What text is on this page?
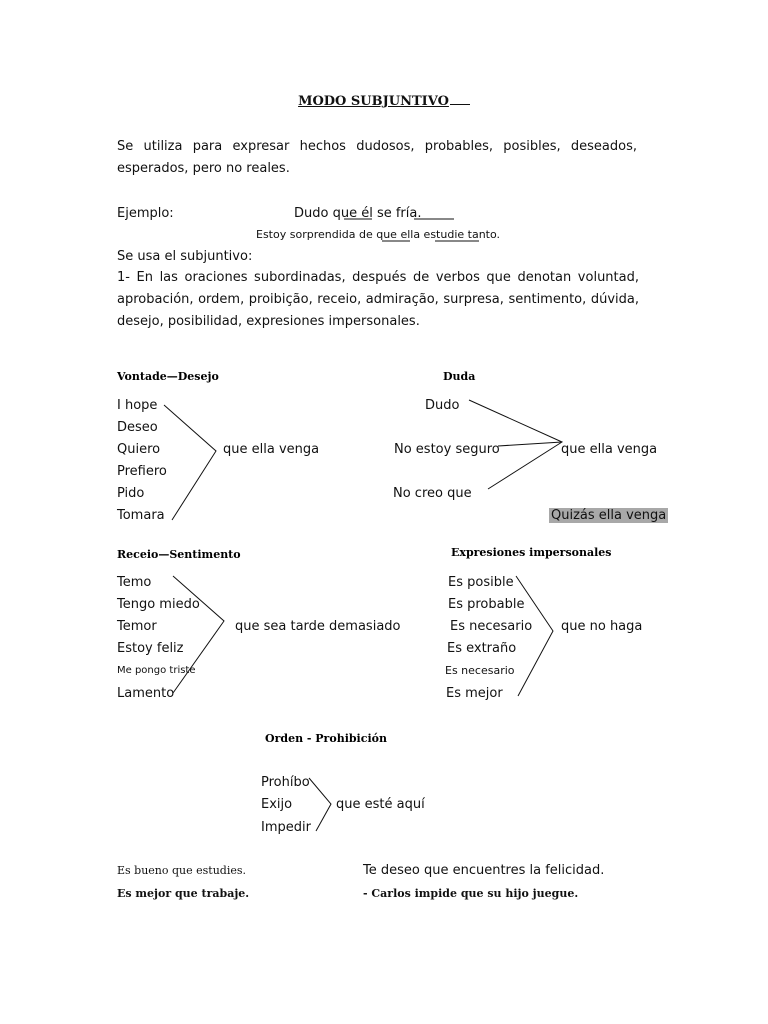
MODO SUBJUNTIVO
Se utiliza para expresar hechos dudosos, probables, posibles, deseados, esperados, pero no reales.
Ejemplo:	Dudo que él se fría.
Estoy sorprendida de que ella estudie tanto.
Se usa el subjuntivo:
1- En las oraciones subordinadas, después de verbos que denotan voluntad, aprobación, ordem, proibição, receio, admiração, surpresa, sentimento, dúvida, desejo, posibilidad, expresiones impersonales.
Vontade—Desejo
I hope
Deseo
Quiero
Prefiero
Pido
Tomara
que ella venga
Duda
Dudo
No estoy seguro
No creo que
que ella venga
Quizás ella venga
Receio—Sentimento
Temo
Tengo miedo
Temor
Estoy feliz
Me pongo triste
Lamento
que sea tarde demasiado
Expresiones impersonales
Es posible
Es probable
Es necesario
Es extraño
Es necesario
Es mejor
que no haga
Orden - Prohibición
Prohíbo
Exijo
Impedir
que esté aquí
Es bueno que estudies.
Es mejor que trabaje.
Te deseo que encuentres la felicidad.
- Carlos impide que su hijo juegue.
